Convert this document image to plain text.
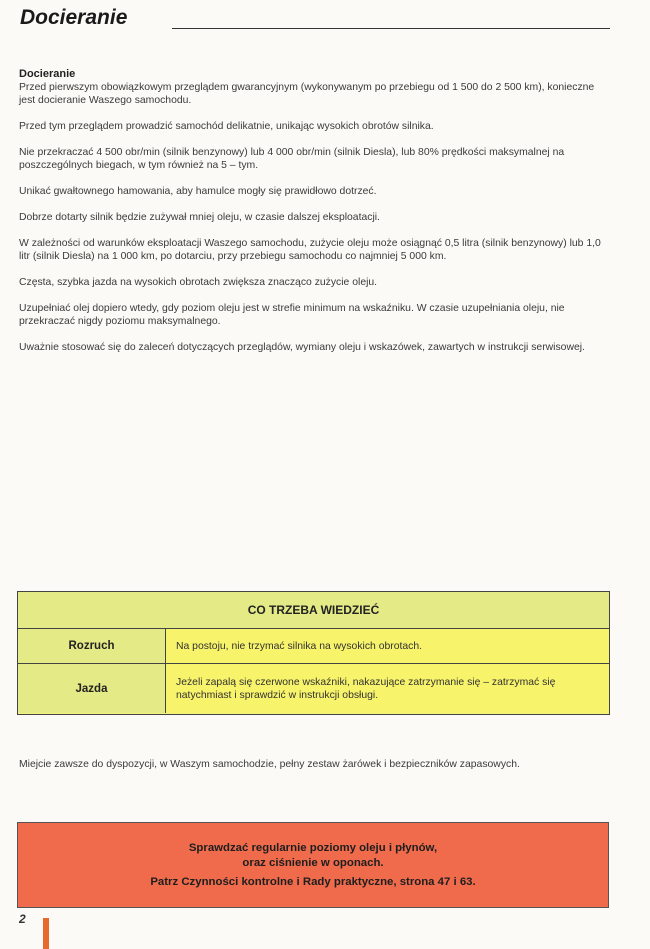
Docieranie
Docieranie

Przed pierwszym obowiązkowym przeglądem gwarancyjnym (wykonywanym po przebiegu od 1 500 do 2 500 km), konieczne jest docieranie Waszego samochodu.

Przed tym przeglądem prowadzić samochód delikatnie, unikając wysokich obrotów silnika.

Nie przekraczać 4 500 obr/min (silnik benzynowy) lub 4 000 obr/min (silnik Diesla), lub 80% prędkości maksymalnej na poszczególnych biegach, w tym również na 5 – tym.

Unikać gwałtownego hamowania, aby hamulce mogły się prawidłowo dotrzeć.

Dobrze dotarty silnik będzie zużywał mniej oleju, w czasie dalszej eksploatacji.

W zależności od warunków eksploatacji Waszego samochodu, zużycie oleju może osiągnąć 0,5 litra (silnik benzynowy) lub 1,0 litr (silnik Diesla) na 1 000 km, po dotarciu, przy przebiegu samochodu co najmniej 5 000 km.

Częsta, szybka jazda na wysokich obrotach zwiększa znacząco zużycie oleju.

Uzupełniać olej dopiero wtedy, gdy poziom oleju jest w strefie minimum na wskaźniku. W czasie uzupełniania oleju, nie przekraczać nigdy poziomu maksymalnego.

Uważnie stosować się do zaleceń dotyczących przeglądów, wymiany oleju i wskazówek, zawartych w instrukcji serwisowej.

CO TRZEBA WIEDZIEĆ
Rozruch	Na postoju, nie trzymać silnika na wysokich obrotach.
Jazda
Jeżeli zapalą się czerwone wskaźniki, nakazujące zatrzymanie się – zatrzymać się natychmiast i sprawdzić w instrukcji obsługi.

Miejcie zawsze do dyspozycji, w Waszym samochodzie, pełny zestaw żarówek i bezpieczników zapasowych.

Sprawdzać regularnie poziomy oleju i płynów,
oraz ciśnienie w oponach.
Patrz Czynności kontrolne i Rady praktyczne, strona 47 i 63.
2
